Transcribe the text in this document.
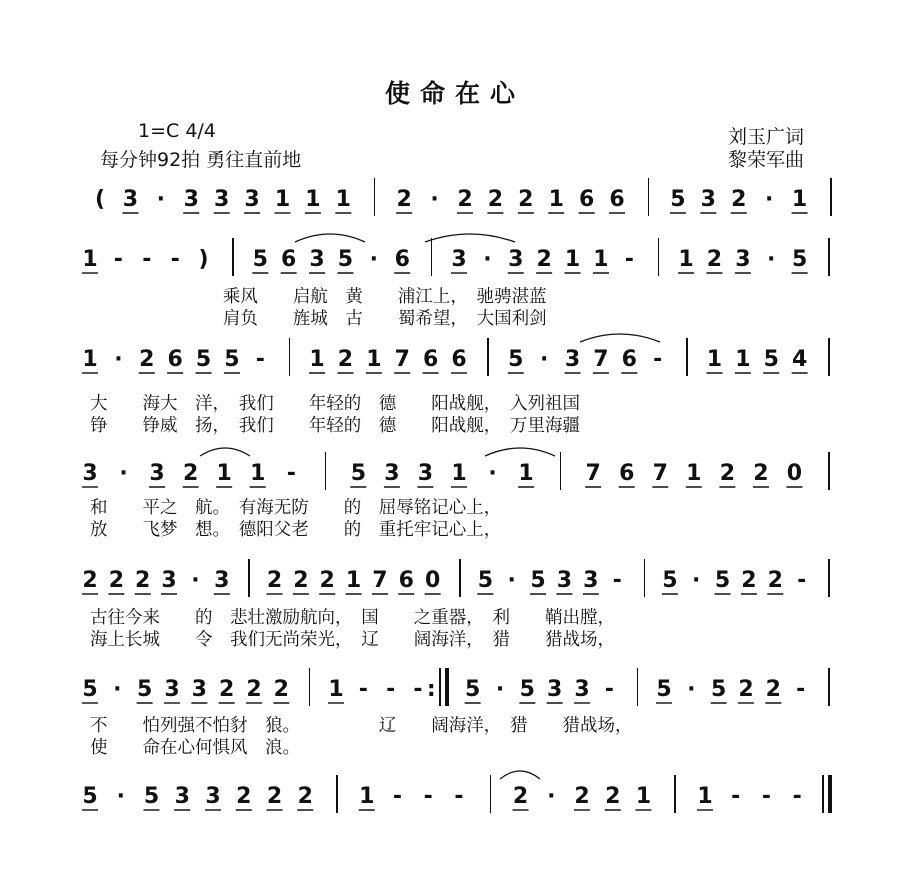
使命在心
1=C 4/4
每分钟92拍 勇往直前地
刘玉广词
黎荣军曲
( 3 · 3 3 3 1 1 1 2 · 2 2 2 1 6 6 5 3 2 · 1
1 - - - ) 5 6 3 5 · 6 3 · 3 2 1 1 - 1 2 3 · 5
乘风　　启航　黄　　浦江上，　驰骋湛蓝
肩负　　旌城　古　　蜀希望，　大国利剑
1 · 2 6 5 5 - 1 2 1 7 6 6 5 · 3 7 6 - 1 1 5 4
大　　海大　洋，　我们　　年轻的　德　　阳战舰，　入列祖国
铮　　铮威　扬，　我们　　年轻的　德　　阳战舰，　万里海疆
3 · 3 2 1 1 - 5 3 3 1 · 1 7 6 7 1 2 2 0
和　　平之　航。　有海无防　　的　屈辱铭记心上，
放　　飞梦　想。　德阳父老　　的　重托牢记心上，
2 2 2 3 · 3 2 2 2 1 7 6 0 5 · 5 3 3 - 5 · 5 2 2 -
古往今来　　的　悲壮激励航向，　国　　之重器，　利　　鞘出膛，
海上长城　　令　我们无尚荣光，　辽　　阔海洋，　猎　　猎战场，
5 · 5 3 3 2 2 2 1 - - - : 5 · 5 3 3 - 5 · 5 2 2 -
不　　怕列强不怕豺　狼。　　　　　辽　　阔海洋，　猎　　猎战场，
使　　命在心何惧风　浪。
5 · 5 3 3 2 2 2 1 - - - 2 · 2 2 1 1 - - -
